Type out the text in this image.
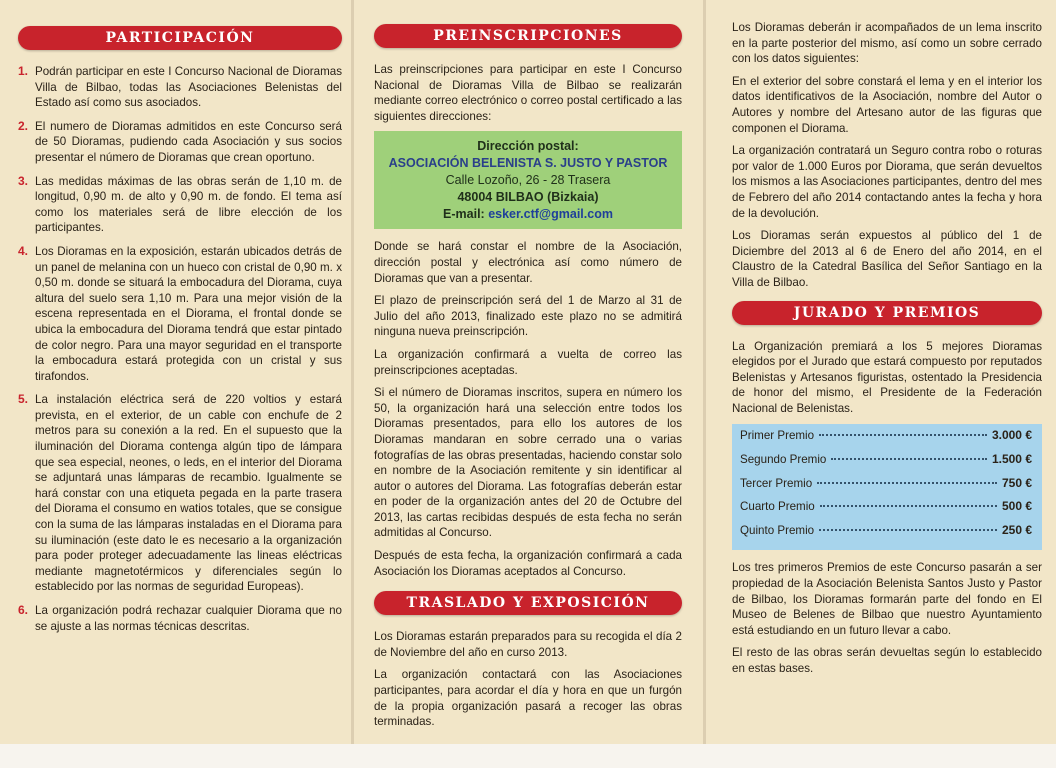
PARTICIPACIÓN
1. Podrán participar en este I Concurso Nacional de Dioramas Villa de Bilbao, todas las Asociaciones Belenistas del Estado así como sus asociados.
2. El numero de Dioramas admitidos en este Concurso será de 50 Dioramas, pudiendo cada Asociación y sus socios presentar el número de Dioramas que crean oportuno.
3. Las medidas máximas de las obras serán de 1,10 m. de longitud, 0,90 m. de alto y 0,90 m. de fondo. El tema así como los materiales será de libre elección de los participantes.
4. Los Dioramas en la exposición, estarán ubicados detrás de un panel de melanina con un hueco con cristal de 0,90 m. x 0,50 m. donde se situará la embocadura del Diorama, cuya altura del suelo sera 1,10 m. Para una mejor visión de la escena representada en el Diorama, el frontal donde se ubica la embocadura del Diorama tendrá que estar pintado de color negro. Para una mayor seguridad en el transporte la embocadura estará protegida con un cristal y sus tirafondos.
5. La instalación eléctrica será de 220 voltios y estará prevista, en el exterior, de un cable con enchufe de 2 metros para su conexión a la red. En el supuesto que la iluminación del Diorama contenga algún tipo de lámpara que sea especial, neones, o leds, en el interior del Diorama se adjuntará unas lámparas de recambio. Igualmente se hará constar con una etiqueta pegada en la parte trasera del Diorama el consumo en watios totales, que se consigue con la suma de las lámparas instaladas en el Diorama para su iluminación (este dato le es necesario a la organización para poder proteger adecuadamente las lineas eléctricas mediante magnetotérmicos y diferenciales según lo establecido por las normas de seguridad Europeas).
6. La organización podrá rechazar cualquier Diorama que no se ajuste a las normas técnicas descritas.
PREINSCRIPCIONES

Las preinscripciones para participar en este I Concurso Nacional de Dioramas Villa de Bilbao se realizarán mediante correo electrónico o correo postal certificado a las siguientes direcciones:

Dirección postal:
ASOCIACIÓN BELENISTA S. JUSTO Y PASTOR
Calle Lozoño, 26 - 28 Trasera
48004 BILBAO (Bizkaia)
E-mail: esker.ctf@gmail.com

Donde se hará constar el nombre de la Asociación, dirección postal y electrónica así como número de Dioramas que van a presentar.

El plazo de preinscripción será del 1 de Marzo al 31 de Julio del año 2013, finalizado este plazo no se admitirá ninguna nueva preinscripción.

La organización confirmará a vuelta de correo las preinscripciones aceptadas.

Si el número de Dioramas inscritos, supera en número los 50, la organización hará una selección entre todos los Dioramas presentados, para ello los autores de los Dioramas mandaran en sobre cerrado una o varias fotografías de las obras presentadas, haciendo constar solo en nombre de la Asociación remitente y sin identificar al autor o autores del Diorama. Las fotografías deberán estar en poder de la organización antes del 20 de Octubre del 2013, las cartas recibidas después de esta fecha no serán admitidas al Concurso.

Después de esta fecha, la organización confirmará a cada Asociación los Dioramas aceptados al Concurso.

TRASLADO Y EXPOSICIÓN

Los Dioramas estarán preparados para su recogida el día 2 de Noviembre del año en curso 2013.

La organización contactará con las Asociaciones participantes, para acordar el día y hora en que un furgón de la propia organización pasará a recoger las obras terminadas.

Los Dioramas deberán ir acompañados de un lema inscrito en la parte posterior del mismo, así como un sobre cerrado con los datos siguientes:

En el exterior del sobre constará el lema y en el interior los datos identificativos de la Asociación, nombre del Autor o Autores y nombre del Artesano autor de las figuras que componen el Diorama.

La organización contratará un Seguro contra robo o roturas por valor de 1.000 Euros por Diorama, que serán devueltos los mismos a las Asociaciones participantes, dentro del mes de Febrero del año 2014 contactando antes la fecha y hora de la devolución.

Los Dioramas serán expuestos al público del 1 de Diciembre del 2013 al 6 de Enero del año 2014, en el Claustro de la Catedral Basílica del Señor Santiago en la Villa de Bilbao.

JURADO Y PREMIOS

La Organización premiará a los 5 mejores Dioramas elegidos por el Jurado que estará compuesto por reputados Belenistas y Artesanos figuristas, ostentado la Presidencia de honor del mismo, el Presidente de la Federación Nacional de Belenistas.

Primer Premio	3.000 €
Segundo Premio	1.500 €
Tercer Premio	750 €
Cuarto Premio	500 €
Quinto Premio	250 €

Los tres primeros Premios de este Concurso pasarán a ser propiedad de la Asociación Belenista Santos Justo y Pastor de Bilbao, los Dioramas formarán parte del fondo en El Museo de Belenes de Bilbao que nuestro Ayuntamiento está estudiando en un futuro llevar a cabo.

El resto de las obras serán devueltas según lo establecido en estas bases.
